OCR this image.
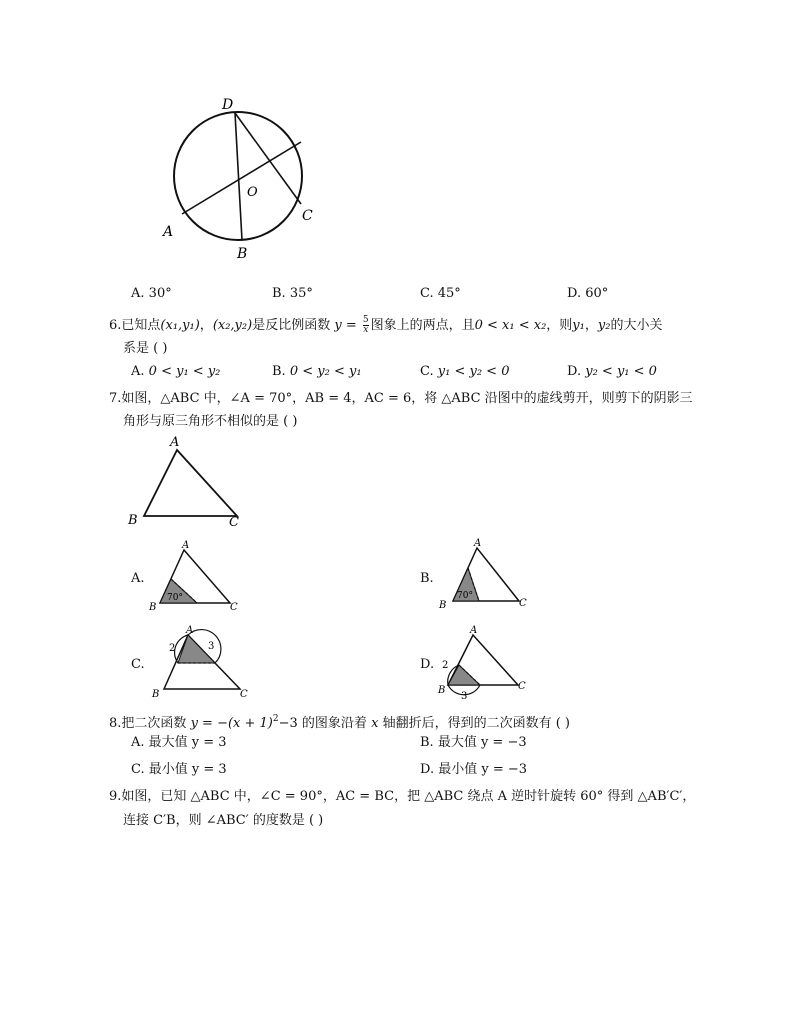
D
O
C
A
B
A. 30°	B. 35°	C. 45°	D. 60°
6.已知点(x₁,y₁)，(x₂,y₂)是反比例函数 $y = \frac{5}{x}$ 图象上的两点，且0 < x₁ < x₂，则y₁，y₂的大小关
系是 ( )
A. 0 < y₁ < y₂	B. 0 < y₂ < y₁	C. y₁ < y₂ < 0	D. y₂ < y₁ < 0
7.如图，△ABC 中，∠A = 70°，AB = 4，AC = 6，将 △ABC 沿图中的虚线剪开，则剪下的阴影三
角形与原三角形不相似的是 ( )
A
B	C
A.
A
B	C
70°
B.
A
B	C
70°
C.
A
B	C
2	3
D.
A
B	C
2
3
8.把二次函数 $y = -(x + 1)^2-3$ 的图象沿着 x 轴翻折后，得到的二次函数有 ( )
A. 最大值 y = 3	B. 最大值 y = −3
C. 最小值 y = 3	D. 最小值 y = −3
9.如图，已知 △ABC 中，∠C = 90°，AC = BC，把 △ABC 绕点 A 逆时针旋转 60° 得到 △AB′C′，
连接 C′B，则 ∠ABC′ 的度数是 ( )
